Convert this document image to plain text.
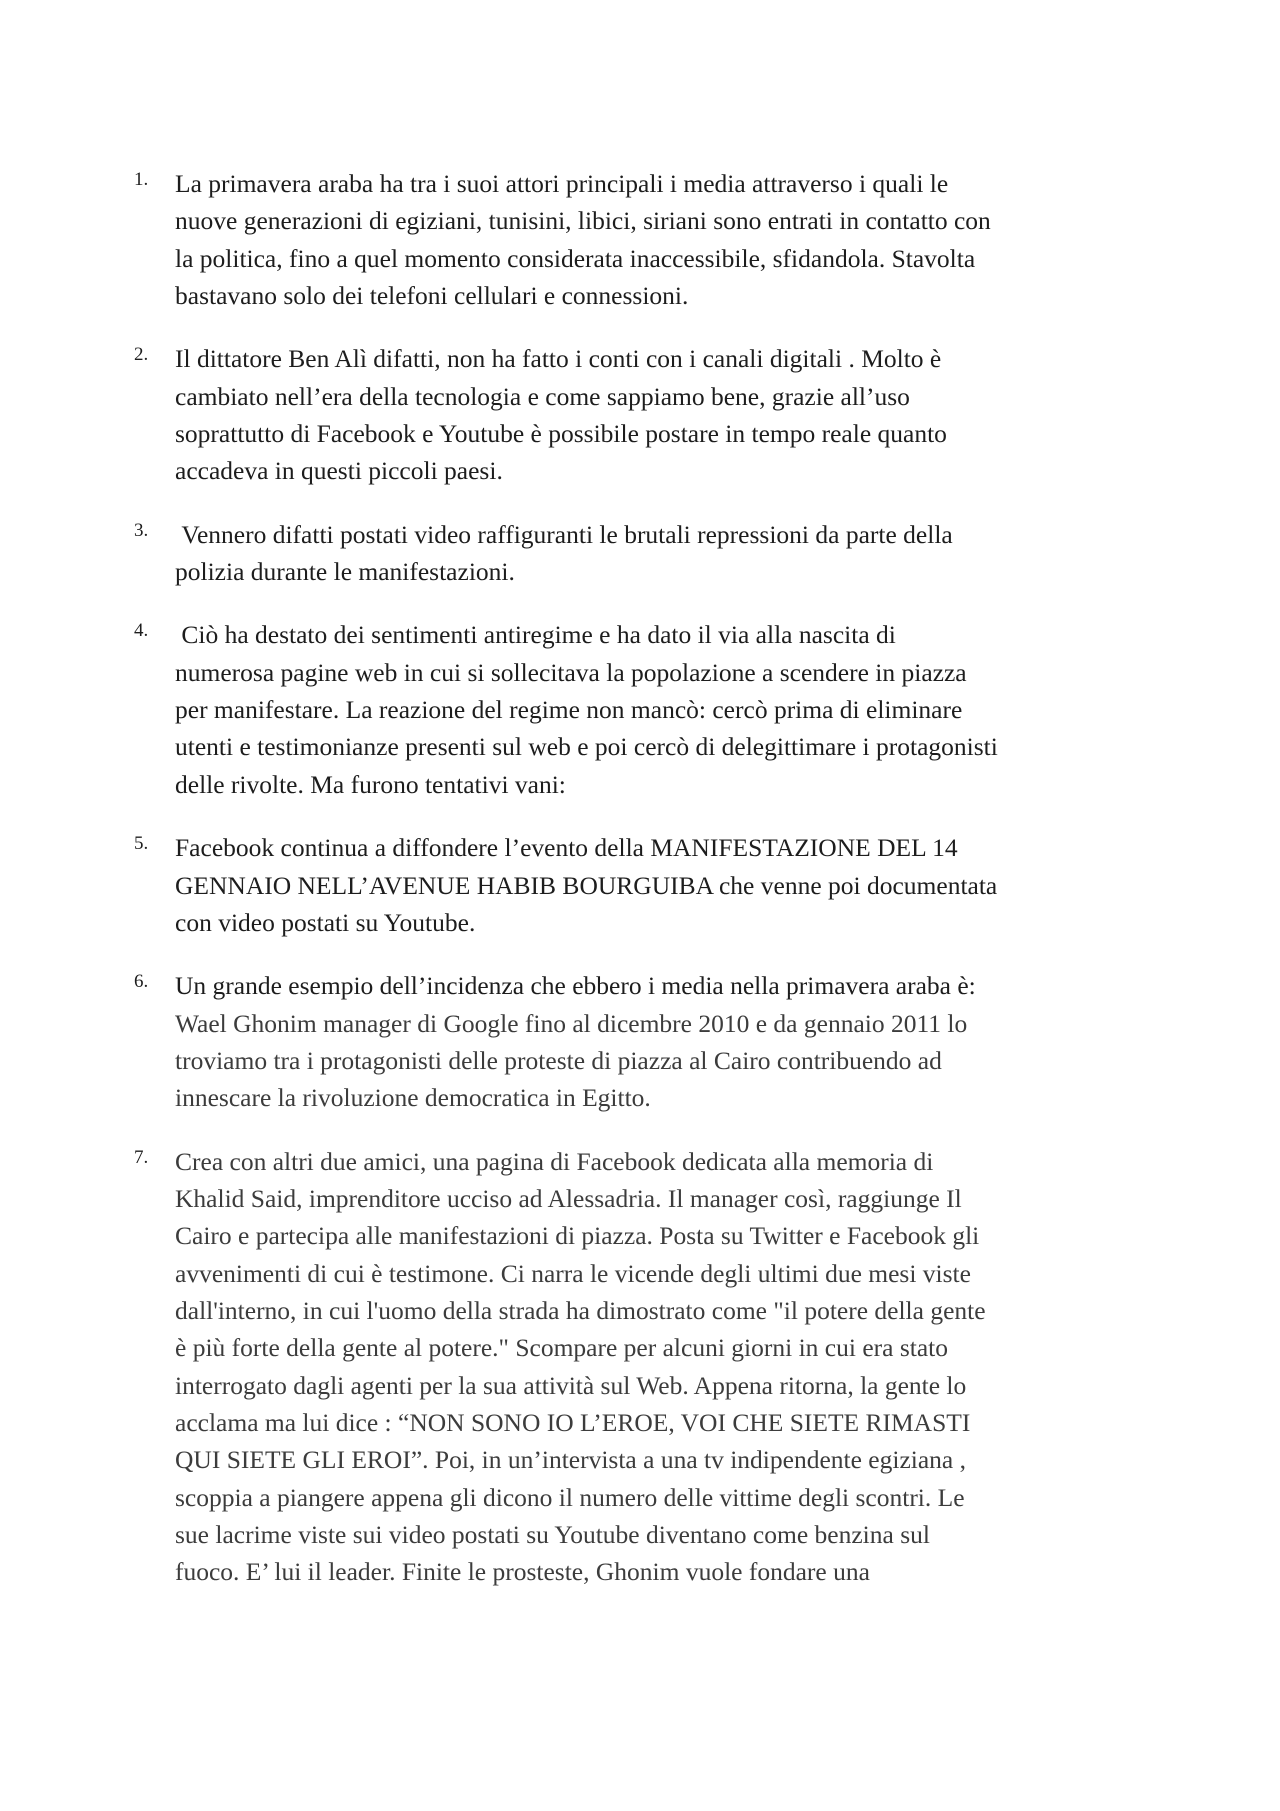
La primavera araba ha tra i suoi attori principali i media attraverso i quali le nuove generazioni di egiziani, tunisini, libici, siriani sono entrati in contatto con la politica, fino a quel momento considerata inaccessibile, sfidandola. Stavolta bastavano solo dei telefoni cellulari e connessioni.
Il dittatore Ben Alì difatti, non ha fatto i conti con i canali digitali . Molto è cambiato nell’era della tecnologia e come sappiamo bene, grazie all’uso soprattutto di Facebook e Youtube è possibile postare in tempo reale quanto accadeva in questi piccoli paesi.
Vennero difatti postati video raffiguranti le brutali repressioni da parte della polizia durante le manifestazioni.
Ciò ha destato dei sentimenti antiregime e ha dato il via alla nascita di numerosa pagine web in cui si sollecitava la popolazione a scendere in piazza per manifestare. La reazione del regime non mancò: cercò prima di eliminare utenti e testimonianze presenti sul web e poi cercò di delegittimare i protagonisti delle rivolte. Ma furono tentativi vani:
Facebook continua a diffondere l’evento della MANIFESTAZIONE DEL 14 GENNAIO NELL’AVENUE HABIB BOURGUIBA che venne poi documentata con video postati su Youtube.
Un grande esempio dell’incidenza che ebbero i media nella primavera araba è: Wael Ghonim manager di Google fino al dicembre 2010 e da gennaio 2011 lo troviamo tra i protagonisti delle proteste di piazza al Cairo contribuendo ad innescare la rivoluzione democratica in Egitto.
Crea con altri due amici, una pagina di Facebook dedicata alla memoria di Khalid Said, imprenditore ucciso ad Alessadria. Il manager così, raggiunge Il Cairo e partecipa alle manifestazioni di piazza. Posta su Twitter e Facebook gli avvenimenti di cui è testimone. Ci narra le vicende degli ultimi due mesi viste dall'interno, in cui l'uomo della strada ha dimostrato come "il potere della gente è più forte della gente al potere." Scompare per alcuni giorni in cui era stato interrogato dagli agenti per la sua attività sul Web. Appena ritorna, la gente lo acclama ma lui dice : “NON SONO IO L’EROE, VOI CHE SIETE RIMASTI QUI SIETE GLI EROI”. Poi, in un’intervista a una tv indipendente egiziana , scoppia a piangere appena gli dicono il numero delle vittime degli scontri. Le sue lacrime viste sui video postati su Youtube diventano come benzina sul fuoco. E’ lui il leader. Finite le prosteste, Ghonim vuole fondare una
